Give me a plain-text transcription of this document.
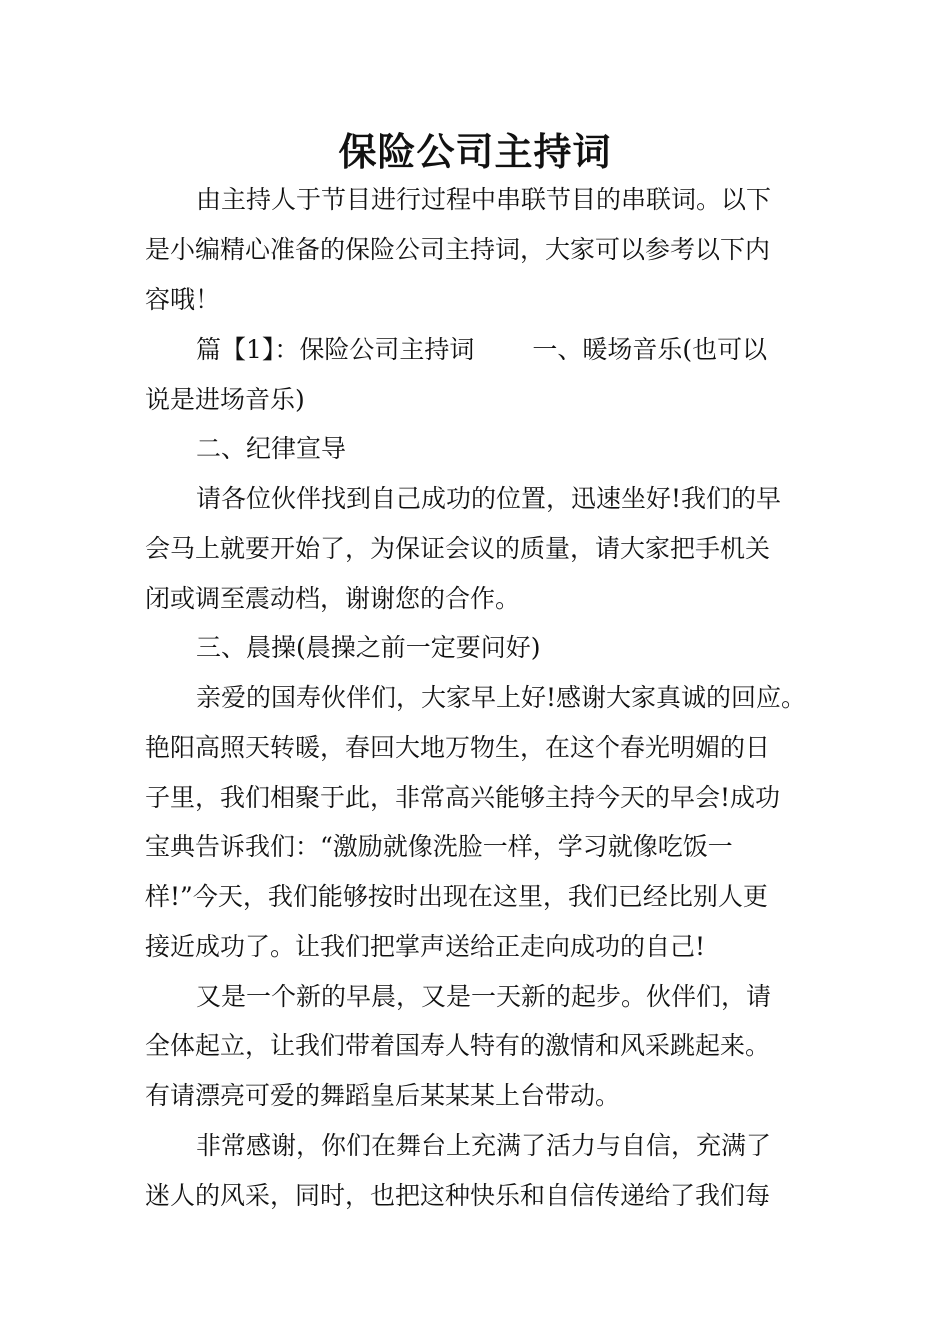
保险公司主持词

由主持人于节目进行过程中串联节目的串联词。以下

是小编精心准备的保险公司主持词，大家可以参考以下内

容哦！

篇【1】：保险公司主持词　　 一、暖场音乐(也可以

说是进场音乐)

二、纪律宣导

请各位伙伴找到自己成功的位置，迅速坐好!我们的早

会马上就要开始了，为保证会议的质量，请大家把手机关

闭或调至震动档，谢谢您的合作。

三、晨操(晨操之前一定要问好)

亲爱的国寿伙伴们，大家早上好!感谢大家真诚的回应。

艳阳高照天转暖，春回大地万物生，在这个春光明媚的日

子里，我们相聚于此，非常高兴能够主持今天的早会!成功

宝典告诉我们：“激励就像洗脸一样，学习就像吃饭一

样!”今天，我们能够按时出现在这里，我们已经比别人更

接近成功了。让我们把掌声送给正走向成功的自己!

又是一个新的早晨，又是一天新的起步。伙伴们，请

全体起立，让我们带着国寿人特有的激情和风采跳起来。

有请漂亮可爱的舞蹈皇后某某某上台带动。

非常感谢，你们在舞台上充满了活力与自信，充满了

迷人的风采，同时，也把这种快乐和自信传递给了我们每
